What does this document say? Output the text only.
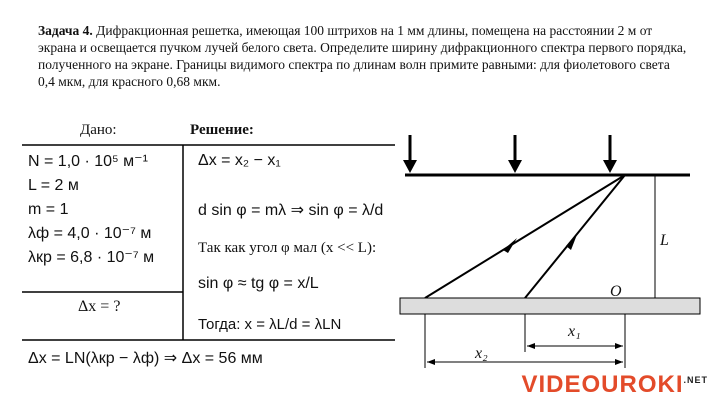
Задача 4. Дифракционная решетка, имеющая 100 штрихов на 1 мм длины, помещена на расстоянии 2 м от экрана и освещается пучком лучей белого света. Определите ширину дифракционного спектра первого порядка, полученного на экране. Границы видимого спектра по длинам волн примите равными: для фиолетового света 0,4 мкм, для красного 0,68 мкм.
Дано:	Решение:
N = 1,0 · 10⁵ м⁻¹
L = 2 м
m = 1
λф = 4,0 · 10⁻⁷ м
λкр = 6,8 · 10⁻⁷ м
Δx = ?
Δx = LN(λкр − λф) ⇒ Δx = 56 мм
Δx = x₂ − x₁
d sin φ = mλ ⇒ sin φ = λ/d
Так как угол φ мал (x << L):
sin φ ≈ tg φ = x/L
Тогда: x = λL/d = λLN
L
O
x₁
x₂
$VIDEOUROKI^{.NET}$
